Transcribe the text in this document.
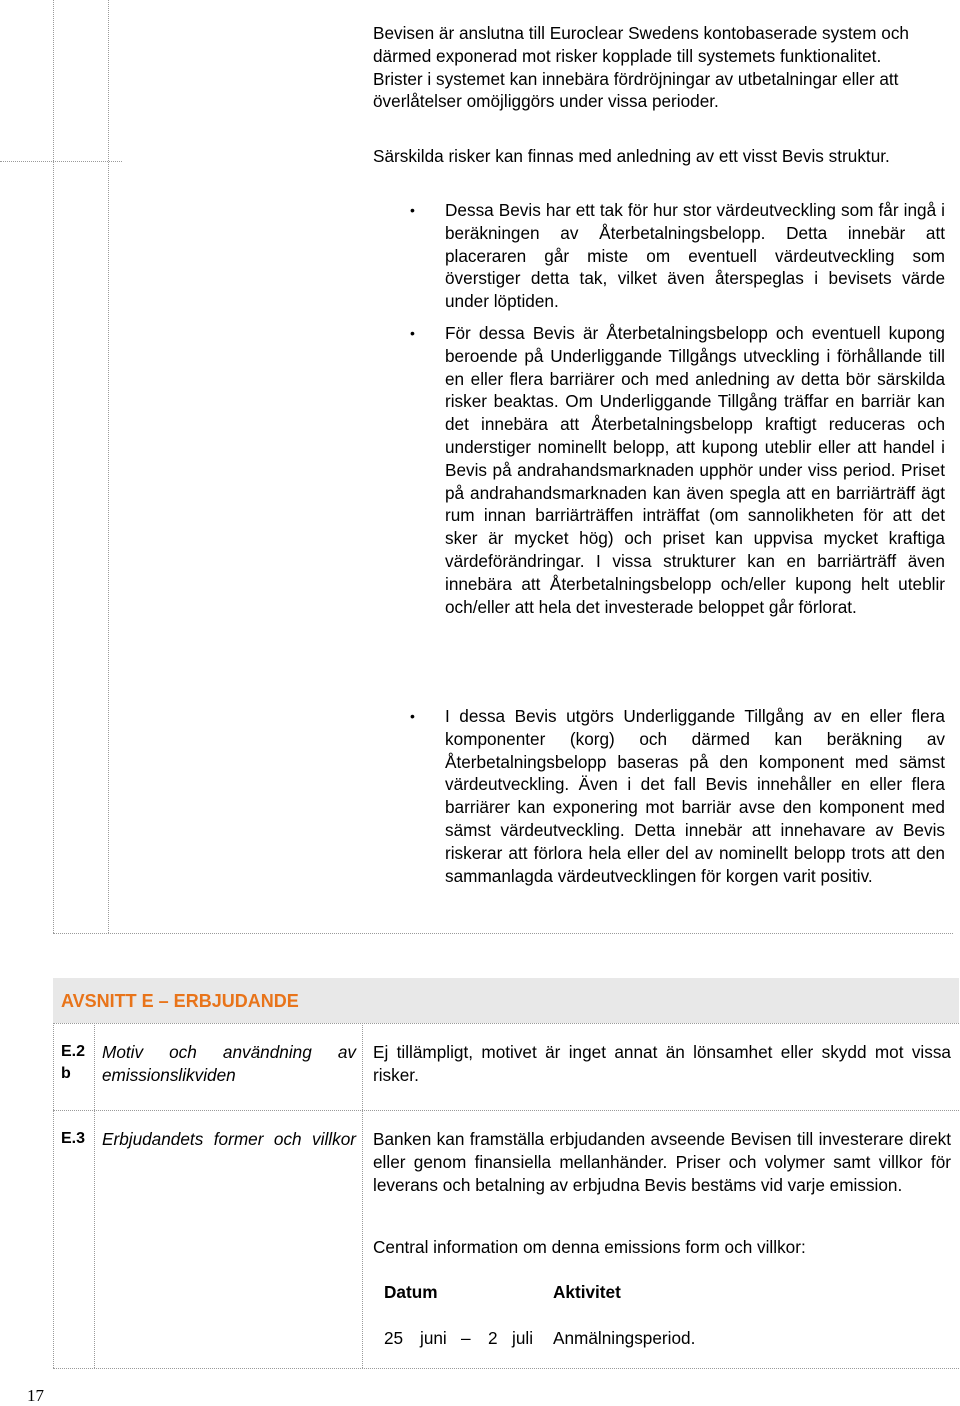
Bevisen är anslutna till Euroclear Swedens kontobaserade system och därmed exponerad mot risker kopplade till systemets funktionalitet. Brister i systemet kan innebära fördröjningar av utbetalningar eller att överlåtelser omöjliggörs under vissa perioder.
Särskilda risker kan finnas med anledning av ett visst Bevis struktur.
• Dessa Bevis har ett tak för hur stor värdeutveckling som får ingå i beräkningen av Återbetalningsbelopp. Detta innebär att placeraren går miste om eventuell värdeutveckling som överstiger detta tak, vilket även återspeglas i bevisets värde under löptiden.
• För dessa Bevis är Återbetalningsbelopp och eventuell kupong beroende på Underliggande Tillgångs utveckling i förhållande till en eller flera barriärer och med anledning av detta bör särskilda risker beaktas. Om Underliggande Tillgång träffar en barriär kan det innebära att Återbetalningsbelopp kraftigt reduceras och understiger nominellt belopp, att kupong uteblir eller att handel i Bevis på andrahandsmarknaden upphör under viss period. Priset på andrahandsmarknaden kan även spegla att en barriärträff ägt rum innan barriärträffen inträffat (om sannolikheten för att det sker är mycket hög) och priset kan uppvisa mycket kraftiga värdeförändringar. I vissa strukturer kan en barriärträff även innebära att Återbetalningsbelopp och/eller kupong helt uteblir och/eller att hela det investerade beloppet går förlorat.
• I dessa Bevis utgörs Underliggande Tillgång av en eller flera komponenter (korg) och därmed kan beräkning av Återbetalningsbelopp baseras på den komponent med sämst värdeutveckling. Även i det fall Bevis innehåller en eller flera barriärer kan exponering mot barriär avse den komponent med sämst värdeutveckling. Detta innebär att innehavare av Bevis riskerar att förlora hela eller del av nominellt belopp trots att den sammanlagda värdeutvecklingen för korgen varit positiv.
AVSNITT E – ERBJUDANDE
E.2
b
Motiv och användning av emissionslikviden
Ej tillämpligt, motivet är inget annat än lönsamhet eller skydd mot vissa risker.
E.3 Erbjudandets former och villkor Banken kan framställa erbjudanden avseende Bevisen till investerare direkt eller genom finansiella mellanhänder. Priser och volymer samt villkor för leverans och betalning av erbjudna Bevis bestäms vid varje emission.
Central information om denna emissions form och villkor:
Datum	Aktivitet
25 juni – 2 juli Anmälningsperiod.
17
